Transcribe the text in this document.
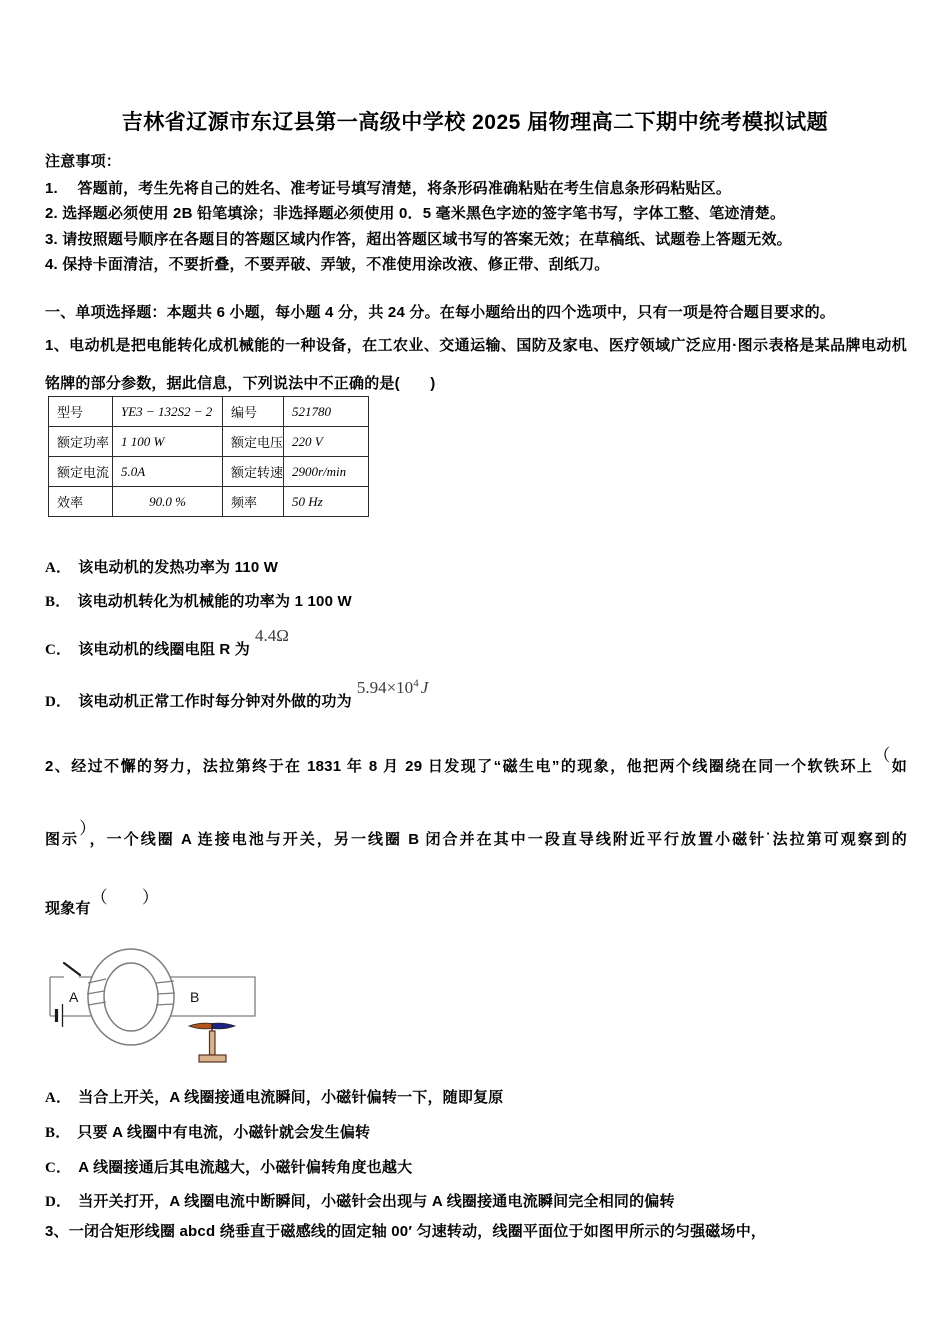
吉林省辽源市东辽县第一高级中学校 2025 届物理高二下期中统考模拟试题
注意事项：
1.　 答题前，考生先将自己的姓名、准考证号填写清楚，将条形码准确粘贴在考生信息条形码粘贴区。
2. 选择题必须使用 2B 铅笔填涂；非选择题必须使用 0．5 毫米黑色字迹的签字笔书写，字体工整、笔迹清楚。
3. 请按照题号顺序在各题目的答题区域内作答，超出答题区域书写的答案无效；在草稿纸、试题卷上答题无效。
4. 保持卡面清洁，不要折叠，不要弄破、弄皱，不准使用涂改液、修正带、刮纸刀。
一、单项选择题：本题共 6 小题，每小题 4 分，共 24 分。在每小题给出的四个选项中，只有一项是符合题目要求的。
1、电动机是把电能转化成机械能的一种设备，在工农业、交通运输、国防及家电、医疗领域广泛应用·图示表格是某品牌电动机铭牌的部分参数，据此信息，下列说法中不正确的是(　　)
型号	YE3 − 132S2 − 2	编号	521780
额定功率	1 100 W	额定电压	220 V
额定电流	5.0A	额定转速	2900r/min
效率	90.0 %	频率	50 Hz
A． 该电动机的发热功率为 110 W
B． 该电动机转化为机械能的功率为 1 100 W
C． 该电动机的线圈电阻 R 为4.4Ω
D． 该电动机正常工作时每分钟对外做的功为$5.94\times 10^4$ J
2、经过不懈的努力，法拉第终于在 1831 年 8 月 29 日发现了“磁生电”的现象，他把两个线圈绕在同一个软铁环上（如
图示），一个线圈 A 连接电池与开关，另一线圈 B 闭合并在其中一段直导线附近平行放置小磁针·法拉第可观察到的
现象有（ ）
A	B
A． 当合上开关，A 线圈接通电流瞬间，小磁针偏转一下，随即复原
B． 只要 A 线圈中有电流，小磁针就会发生偏转
C． A 线圈接通后其电流越大，小磁针偏转角度也越大
D． 当开关打开，A 线圈电流中断瞬间，小磁针会出现与 A 线圈接通电流瞬间完全相同的偏转
3、一闭合矩形线圈 abcd 绕垂直于磁感线的固定轴 00′ 匀速转动，线圈平面位于如图甲所示的匀强磁场中，
